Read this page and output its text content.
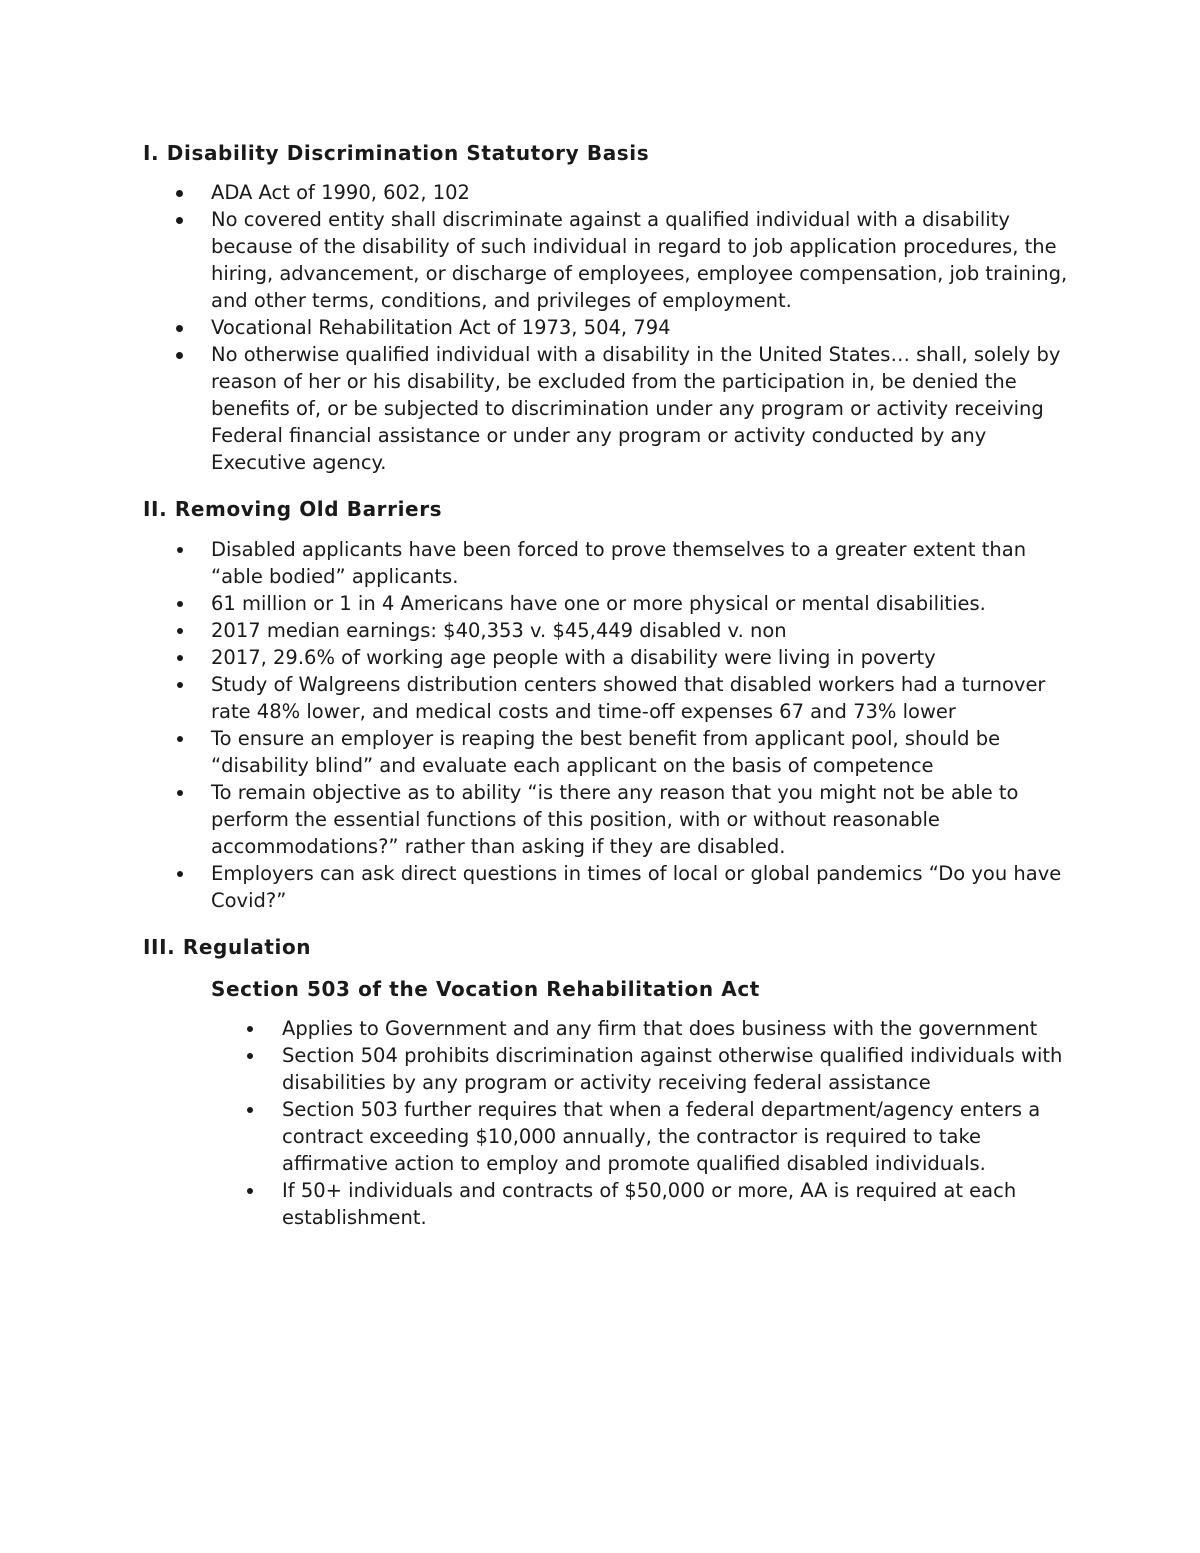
I. Disability Discrimination Statutory Basis
ADA Act of 1990, 602, 102
No covered entity shall discriminate against a qualified individual with a disability because of the disability of such individual in regard to job application procedures, the hiring, advancement, or discharge of employees, employee compensation, job training, and other terms, conditions, and privileges of employment.
Vocational Rehabilitation Act of 1973, 504, 794
No otherwise qualified individual with a disability in the United States… shall, solely by reason of her or his disability, be excluded from the participation in, be denied the benefits of, or be subjected to discrimination under any program or activity receiving Federal financial assistance or under any program or activity conducted by any Executive agency.
II. Removing Old Barriers
Disabled applicants have been forced to prove themselves to a greater extent than “able bodied” applicants.
61 million or 1 in 4 Americans have one or more physical or mental disabilities.
2017 median earnings: $40,353 v. $45,449 disabled v. non
2017, 29.6% of working age people with a disability were living in poverty
Study of Walgreens distribution centers showed that disabled workers had a turnover rate 48% lower, and medical costs and time-off expenses 67 and 73% lower
To ensure an employer is reaping the best benefit from applicant pool, should be “disability blind” and evaluate each applicant on the basis of competence
To remain objective as to ability “is there any reason that you might not be able to perform the essential functions of this position, with or without reasonable accommodations?” rather than asking if they are disabled.
Employers can ask direct questions in times of local or global pandemics “Do you have Covid?”
III. Regulation
Section 503 of the Vocation Rehabilitation Act
Applies to Government and any firm that does business with the government
Section 504 prohibits discrimination against otherwise qualified individuals with disabilities by any program or activity receiving federal assistance
Section 503 further requires that when a federal department/agency enters a contract exceeding $10,000 annually, the contractor is required to take affirmative action to employ and promote qualified disabled individuals.
If 50+ individuals and contracts of $50,000 or more, AA is required at each establishment.
